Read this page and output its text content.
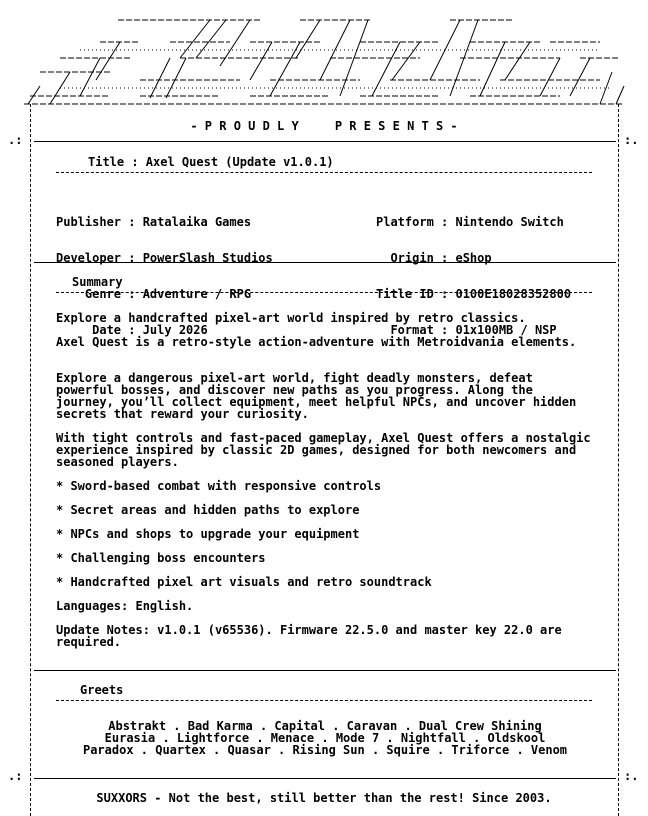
.:	:.
.:	:.
- P R O U D L Y     P R E S E N T S -
Title : Axel Quest (Update v1.0.1)

Publisher : Ratalaika Games

Developer : PowerSlash Studios

Genre : Adventure / RPG

Date : July 2026

Platform : Nintendo Switch

Origin : eShop

Title ID : 0100E18028352800

Format : 01x100MB / NSP

Summary
Explore a handcrafted pixel-art world inspired by retro classics.
Axel Quest is a retro-style action-adventure with Metroidvania elements.
Explore a dangerous pixel-art world, fight deadly monsters, defeat powerful bosses, and discover new paths as you progress. Along the journey, you’ll collect equipment, meet helpful NPCs, and uncover hidden secrets that reward your curiosity.
With tight controls and fast-paced gameplay, Axel Quest offers a nostalgic experience inspired by classic 2D games, designed for both newcomers and seasoned players.
* Sword-based combat with responsive controls
* Secret areas and hidden paths to explore
* NPCs and shops to upgrade your equipment
* Challenging boss encounters
* Handcrafted pixel art visuals and retro soundtrack
Languages: English.
Update Notes: v1.0.1 (v65536). Firmware 22.5.0 and master key 22.0 are required.
Greets
Abstrakt . Bad Karma . Capital . Caravan . Dual Crew Shining
Eurasia . Lightforce . Menace . Mode 7 . Nightfall . Oldskool
Paradox . Quartex . Quasar . Rising Sun . Squire . Triforce . Venom
SUXXORS - Not the best, still better than the rest! Since 2003.
